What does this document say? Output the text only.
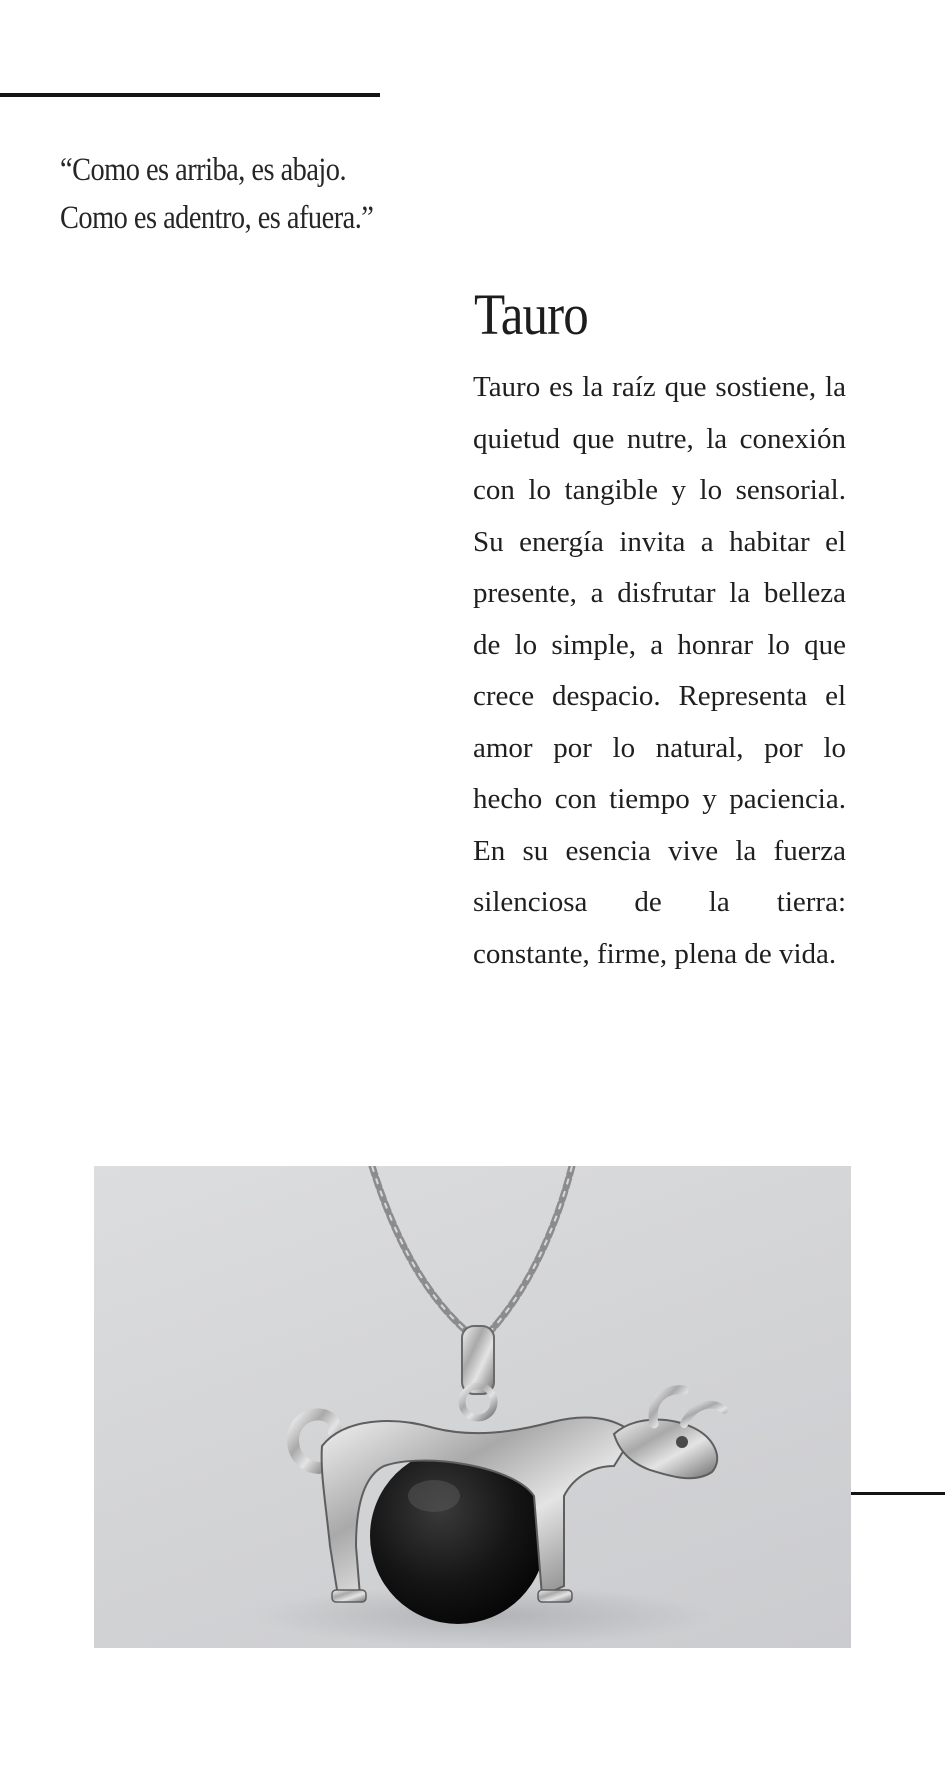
“Como es arriba, es abajo.
Como es adentro, es afuera.”
Tauro

Tauro es la raíz que sostiene, la quietud que nutre, la conexión con lo tangible y lo sensorial. Su energía invita a habitar el presente, a disfrutar la belleza de lo simple, a honrar lo que crece despacio. Representa el amor por lo natural, por lo hecho con tiempo y paciencia. En su esencia vive la fuerza silenciosa de la tierra: constante, firme, plena de vida.
